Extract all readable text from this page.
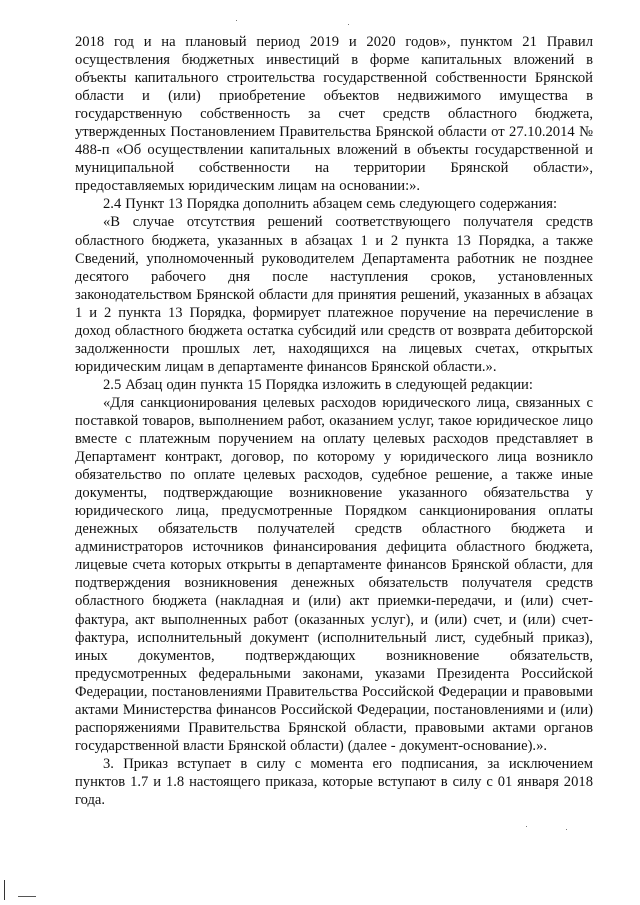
2018 год и на плановый период 2019 и 2020 годов», пунктом 21 Правил осуществления бюджетных инвестиций в форме капитальных вложений в объекты капитального строительства государственной собственности Брянской области и (или) приобретение объектов недвижимого имущества в государственную собственность за счет средств областного бюджета, утвержденных Постановлением Правительства Брянской области от 27.10.2014 № 488-п «Об осуществлении капитальных вложений в объекты государственной и муниципальной собственности на территории Брянской области», предоставляемых юридическим лицам на основании:».

2.4 Пункт 13 Порядка дополнить абзацем семь следующего содержания:

«В случае отсутствия решений соответствующего получателя средств областного бюджета, указанных в абзацах 1 и 2 пункта 13 Порядка, а также Сведений, уполномоченный руководителем Департамента работник не позднее десятого рабочего дня после наступления сроков, установленных законодательством Брянской области для принятия решений, указанных в абзацах 1 и 2 пункта 13 Порядка, формирует платежное поручение на перечисление в доход областного бюджета остатка субсидий или средств от возврата дебиторской задолженности прошлых лет, находящихся на лицевых счетах, открытых юридическим лицам в департаменте финансов Брянской области.».

2.5 Абзац один пункта 15 Порядка изложить в следующей редакции:

«Для санкционирования целевых расходов юридического лица, связанных с поставкой товаров, выполнением работ, оказанием услуг, такое юридическое лицо вместе с платежным поручением на оплату целевых расходов представляет в Департамент контракт, договор, по которому у юридического лица возникло обязательство по оплате целевых расходов, судебное решение, а также иные документы, подтверждающие возникновение указанного обязательства у юридического лица, предусмотренные Порядком санкционирования оплаты денежных обязательств получателей средств областного бюджета и администраторов источников финансирования дефицита областного бюджета, лицевые счета которых открыты в департаменте финансов Брянской области, для подтверждения возникновения денежных обязательств получателя средств областного бюджета (накладная и (или) акт приемки-передачи, и (или) счет-фактура, акт выполненных работ (оказанных услуг), и (или) счет, и (или) счет-фактура, исполнительный документ (исполнительный лист, судебный приказ), иных документов, подтверждающих возникновение обязательств, предусмотренных федеральными законами, указами Президента Российской Федерации, постановлениями Правительства Российской Федерации и правовыми актами Министерства финансов Российской Федерации, постановлениями и (или) распоряжениями Правительства Брянской области, правовыми актами органов государственной власти Брянской области) (далее - документ-основание).».

3. Приказ вступает в силу с момента его подписания, за исключением пунктов 1.7 и 1.8 настоящего приказа, которые вступают в силу с 01 января 2018 года.
